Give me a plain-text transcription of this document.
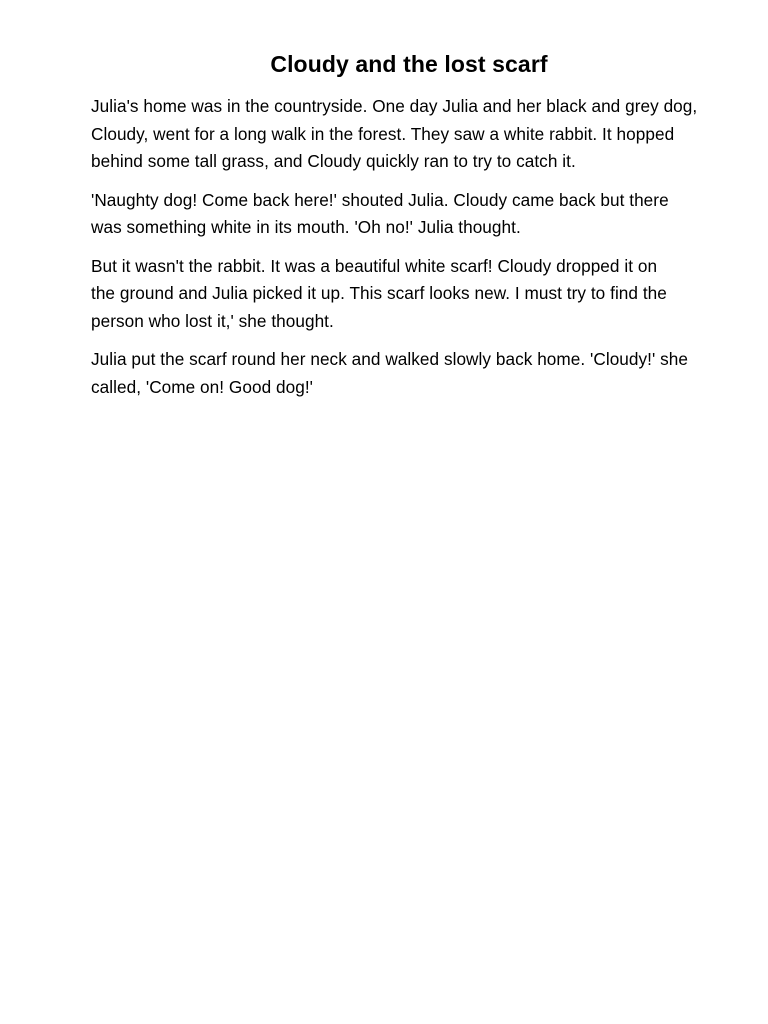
Cloudy and the lost scarf

Julia's home was in the countryside. One day Julia and her black and grey dog,
Cloudy, went for a long walk in the forest. They saw a white rabbit. It hopped
behind some tall grass, and Cloudy quickly ran to try to catch it.

'Naughty dog! Come back here!' shouted Julia. Cloudy came back but there
was something white in its mouth. 'Oh no!' Julia thought.

But it wasn't the rabbit. It was a beautiful white scarf! Cloudy dropped it on
the ground and Julia picked it up. This scarf looks new. I must try to find the
person who lost it,' she thought.

Julia put the scarf round her neck and walked slowly back home. 'Cloudy!' she
called, 'Come on! Good dog!'
